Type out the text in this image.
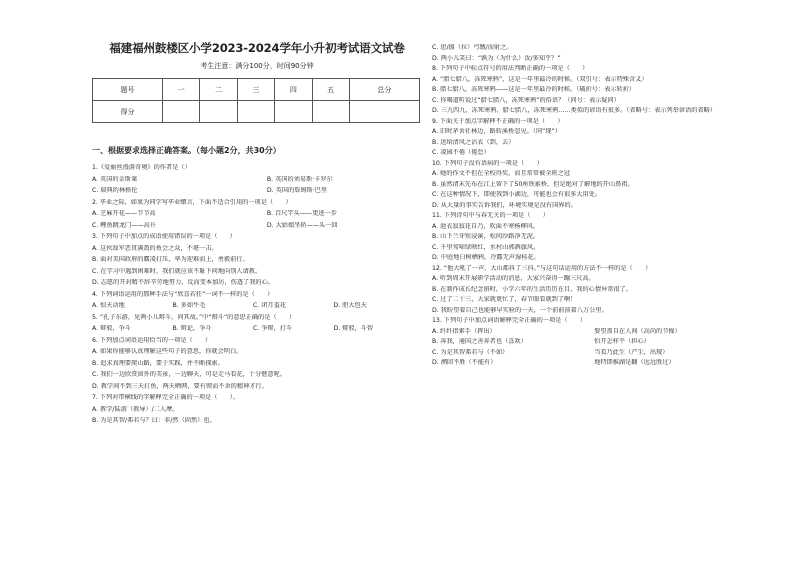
福建福州鼓楼区小学2023-2024学年小升初考试语文试卷
考生注意：满分100分，时间90分钟
题号	一	二	三	四	五	总分
得分						
一、根据要求选择正确答案。（每小题2分，共30分）
1.《爱丽丝漫游奇境》的作者是（）
A. 英国的金斯莱	B. 英国的刘易斯·卡罗尔
C. 瑞典的林格伦	D. 英国的詹姆斯·巴里
2. 毕业之际，如果为同学写毕业赠言，下面不适合引用的一项是（　　）
A. 芝麻开花——节节高	B. 百尺竿头——更进一步
C. 鲤鱼跳龙门——高升	D. 大姑娘坐轿——头一回
3. 下列句子中加点的成语使用错误的一项是（　　）
A. 这伙敌军恶贯满盈的鱼会之众，不堪一击。
B. 面对美国政府的霸凌打压，华为迎难而上，勇毅前行。
C. 在学习中遇到困难时，我们就应该不耻下问地向别人请教。
D. 志愿的开封精不辞辛劳地努力，反而变本加厉，伤透了我的心。
4. 下列词语运用的那种手法与“欣喜若狂”一词不一样的是（　　）
A. 惊天动地	B. 多如牛毛	C. 闭月羞花	D. 胆大包天
5. “孔子东游，见两小儿辩斗，问其故。”中“辩斗”的意思正确的是（　　）
A. 辩驳，争斗	B. 辩论，争斗	C. 争辩，打斗	D. 辩驳，斗智
6. 下列加点词语运用恰当的一项是（　　）
A. 如果你能够认真理解这些句子的意思，你就会明白。
B. 追求真理要爬山路，要于实践，并不断探索。
C. 我们一边欣赏窗外的美景，一边聊天，可是走马看花，十分惬意呢。
D. 教学间不到三天打鱼，两天晒网，要有锲而不舍的精神才行。
7. 下列对带横线的字解释完全正确的一项是（　　）。
A. 教学/陆游（教导）/二人摩。
B. 为是其智/弗若与？曰：非/然（固然）也。
C. 思/援（拉）弓缴/而射之。
D. 两小儿笑曰：“孰为（为什么）汝/多知乎？”
8. 下列句子中标点符号的用法判断正确的一项是（　　）
A. “腊七腊八，冻死寒鸦”，这是一年里最冷的时候。（双引号：表示特殊含义）
B. 腊七腊八，冻死寒鸦——这是一年里最冷的时候。（破折号：表示转折）
C. 你喝道听说过“腊七腊八，冻死寒鸦”的俗语？（问号：表示疑问）
D. 三九四九，冻死寒鸦、腊七腊八，冻死寒鸦……类似的谚语有很多。（省略号：表示列举谚语的省略）
9. 下面关于加点字解释不正确的一项是（　　）
A. 旧时茅舍社林边，路转溪桥忽见。（同“现”）
B. 送给清风之沾衣（到，去）
C. 凌园不倦（倦怠）
10. 下列句子没有语病的一项是（　　）
A. 她的作文不但在全校得奖，而且常常被全班之冠
B. 虽然清末先布在江上留下了50座铁索桥，但是绝对了解地的开山鼻祖。
C. 在这种情况下，即使我到小湖边，可能也会有很多大用处。
D. 从大量的事实告诉我们，环境实境是没有国界的。
11. 下列诗句中与春无关的一项是（　　）
A. 池衣寂寂花自乃，吹面不寒杨柳风。
B. 山下兰芽短浸溪，松间沙路净无泥。
C. 千里莺啼绿映红，水村山郭酒旗风。
D. 中庭地白树栖鸦，冷露无声湿桂花。
12. “他大吼了一声，大山都抖了三抖。”与这句话运用的方法不一样的是（　　）
A. 听到周末开展研学活动的消息，大家兴奋得一蹦三尺高。
B. 在制作成长纪念册时，小学六年的生活历历在目，我的心情异常很了。
C. 过了二十三，大家就更忙了，春节眼看就到了啊！
D. 我盼望着自己也能够早实验的一天，一个前前前着八万公里。
13. 下列句子中加点词语解释完全正确的一项是（　　）
A. 纤纤指素手（挥出）	婴望盖自在人间（高尚的节操）
B. 奔我，通国之善奔者也（喜欢）	怕开怎样平（担心）
C. 为是其智弗若与（不如）	当看乃此生（产生，出现）
D. 溯回不胜（不能有）	地特即推湖是翻（远远胜过）
